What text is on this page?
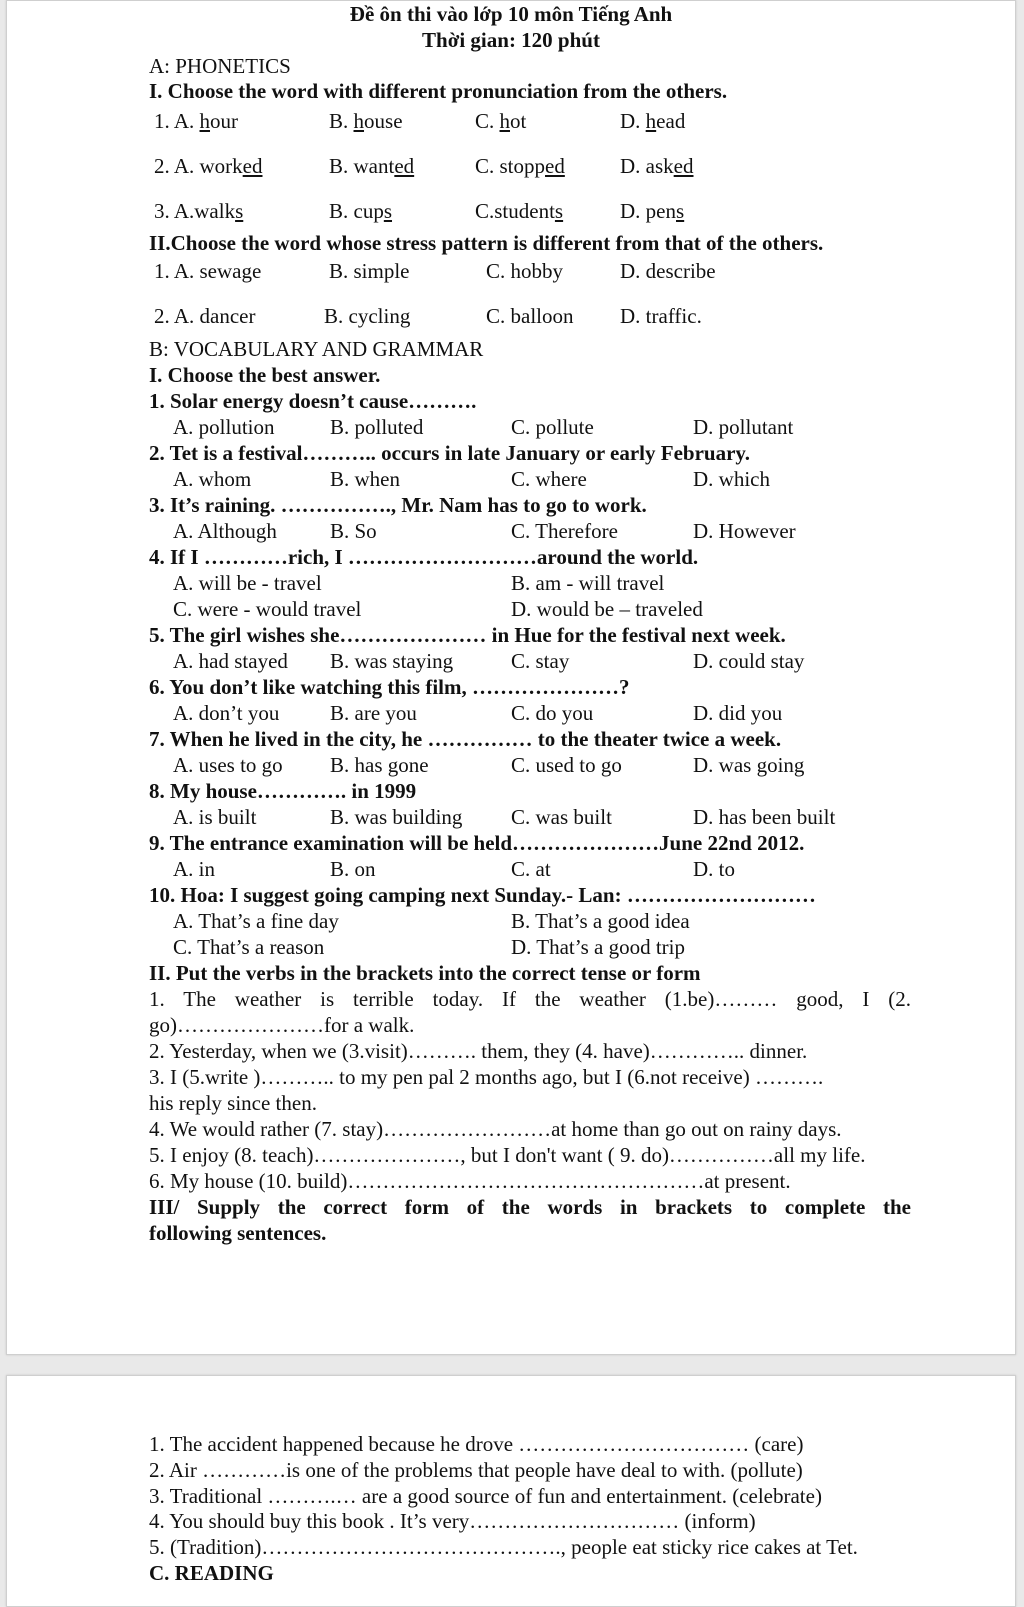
Đề ôn thi vào lớp 10 môn Tiếng Anh
Thời gian: 120 phút
A: PHONETICS
I. Choose the word with different pronunciation from the others.
1. A. hour	B. house	C. hot	D. head
2. A. worked	B. wanted	C. stopped	D. asked
3. A.walks	B. cups	C.students	D. pens
II.Choose the word whose stress pattern is different from that of the others.
1. A. sewage	B. simple	C. hobby	D. describe
2. A. dancer	B. cycling	C. balloon D. traffic.
B: VOCABULARY AND GRAMMAR
I. Choose the best answer.
1. Solar energy doesn’t cause……….
A. pollution	B. polluted	C. pollute	D. pollutant
2. Tet is a festival……….. occurs in late January or early February.
A. whom	B. when	C. where	D. which
3. It’s raining. ……………., Mr. Nam has to go to work.
A. Although	B. So	C. Therefore	D. However
4. If I …………rich, I ………………………around the world.
A. will be - travel	B. am - will travel
C. were - would travel	D. would be – traveled
5. The girl wishes she………………… in Hue for the festival next week.
A. had stayed B. was staying	C. stay	D. could stay
6. You don’t like watching this film, …………………?
A. don’t you B. are you	C. do you	D. did you
7. When he lived in the city, he …………… to the theater twice a week.
A. uses to go B. has gone	C. used to go	D. was going
8. My house…………. in 1999
A. is built	B. was building C. was built	D. has been built
9. The entrance examination will be held…………………June 22nd 2012.
A. in	B. on	C. at	D. to
10. Hoa: I suggest going camping next Sunday.- Lan: ………………………
A. That’s a fine day	B. That’s a good idea
C. That’s a reason	D. That’s a good trip
II. Put the verbs in the brackets into the correct tense or form
1. The weather is terrible today. If the weather (1.be)……… good, I (2.
go)…………………for a walk.
2. Yesterday, when we (3.visit)………. them, they (4. have)………….. dinner.
3. I (5.write )……….. to my pen pal 2 months ago, but I (6.not receive) ……….
his reply since then.
4. We would rather (7. stay)……………………at home than go out on rainy days.
5. I enjoy (8. teach)…………………, but I don't want ( 9. do)……………all my life.
6. My house (10. build)……………………………………………at present.
III/ Supply the correct form of the words in brackets to complete the
following sentences.
1. The accident happened because he drove …………………………… (care)
2. Air …………is one of the problems that people have deal to with. (pollute)
3. Traditional ……….… are a good source of fun and entertainment. (celebrate)
4. You should buy this book . It’s very………………………… (inform)
5. (Tradition)……………………………………., people eat sticky rice cakes at Tet.
C. READING
